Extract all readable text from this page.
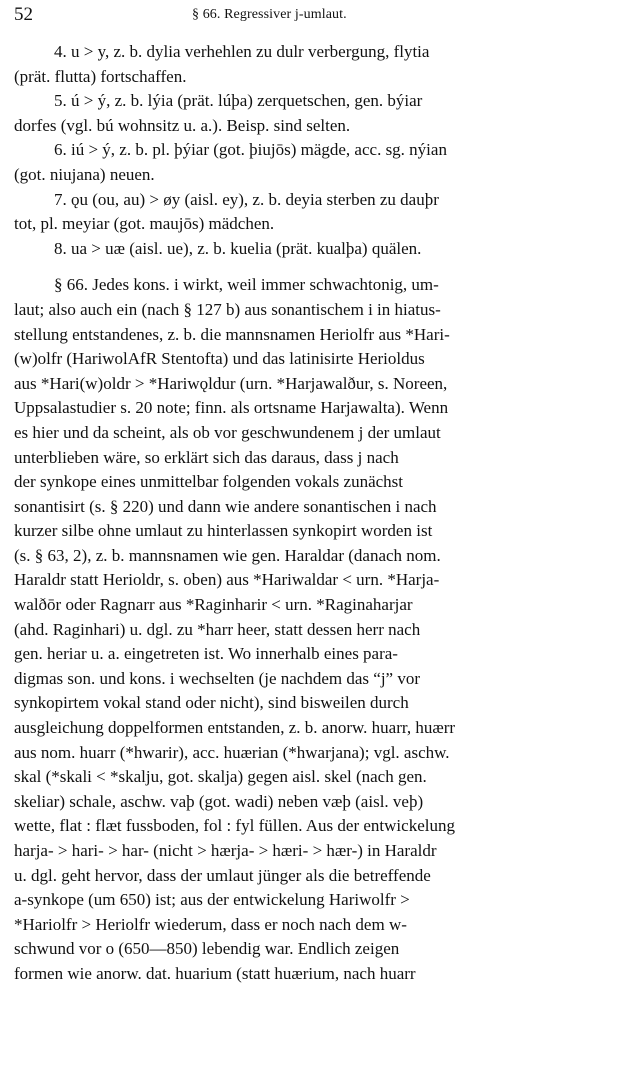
52	§ 66. Regressiver j-umlaut.
4. u > y, z. b. dylia verhehlen zu dulr verbergung, flytia
(prät. flutta) fortschaffen.
5. ú > ý, z. b. lýia (prät. lúþa) zerquetschen, gen. býiar
dorfes (vgl. bú wohnsitz u. a.). Beisp. sind selten.
6. iú > ý, z. b. pl. þýiar (got. þiujōs) mägde, acc. sg. nýian
(got. niujana) neuen.
7. ǫu (ou, au) > øy (aisl. ey), z. b. deyia sterben zu dauþr
tot, pl. meyiar (got. maujōs) mädchen.
8. ua > uæ (aisl. ue), z. b. kuelia (prät. kualþa) quälen.
§ 66. Jedes kons. i wirkt, weil immer schwachtonig, um-
laut; also auch ein (nach § 127 b) aus sonantischem i in hiatus-
stellung entstandenes, z. b. die mannsnamen Heriolfr aus *Hari-
(w)olfr (HariwolAfR Stentofta) und das latinisirte Herioldus
aus *Hari(w)oldr > *Hariwǫldur (urn. *Harjawalður, s. Noreen,
Uppsalastudier s. 20 note; finn. als ortsname Harjawalta). Wenn
es hier und da scheint, als ob vor geschwundenem j der umlaut
unterblieben wäre, so erklärt sich das daraus, dass j nach
der synkope eines unmittelbar folgenden vokals zunächst
sonantisirt (s. § 220) und dann wie andere sonantischen i nach
kurzer silbe ohne umlaut zu hinterlassen synkopirt worden ist
(s. § 63, 2), z. b. mannsnamen wie gen. Haraldar (danach nom.
Haraldr statt Herioldr, s. oben) aus *Hariwaldar < urn. *Harja-
walðōr oder Ragnarr aus *Raginharir < urn. *Raginaharjar
(ahd. Raginhari) u. dgl. zu *harr heer, statt dessen herr nach
gen. heriar u. a. eingetreten ist. Wo innerhalb eines para-
digmas son. und kons. i wechselten (je nachdem das “j” vor
synkopirtem vokal stand oder nicht), sind bisweilen durch
ausgleichung doppelformen entstanden, z. b. anorw. huarr, huærr
aus nom. huarr (*hwarir), acc. huærian (*hwarjana); vgl. aschw.
skal (*skali < *skalju, got. skalja) gegen aisl. skel (nach gen.
skeliar) schale, aschw. vaþ (got. wadi) neben væþ (aisl. veþ)
wette, flat : flæt fussboden, fol : fyl füllen. Aus der entwickelung
harja- > hari- > har- (nicht > hærja- > hæri- > hær-) in Haraldr
u. dgl. geht hervor, dass der umlaut jünger als die betreffende
a-synkope (um 650) ist; aus der entwickelung Hariwolfr >
*Hariolfr > Heriolfr wiederum, dass er noch nach dem w-
schwund vor o (650—850) lebendig war. Endlich zeigen
formen wie anorw. dat. huarium (statt huærium, nach huarr
